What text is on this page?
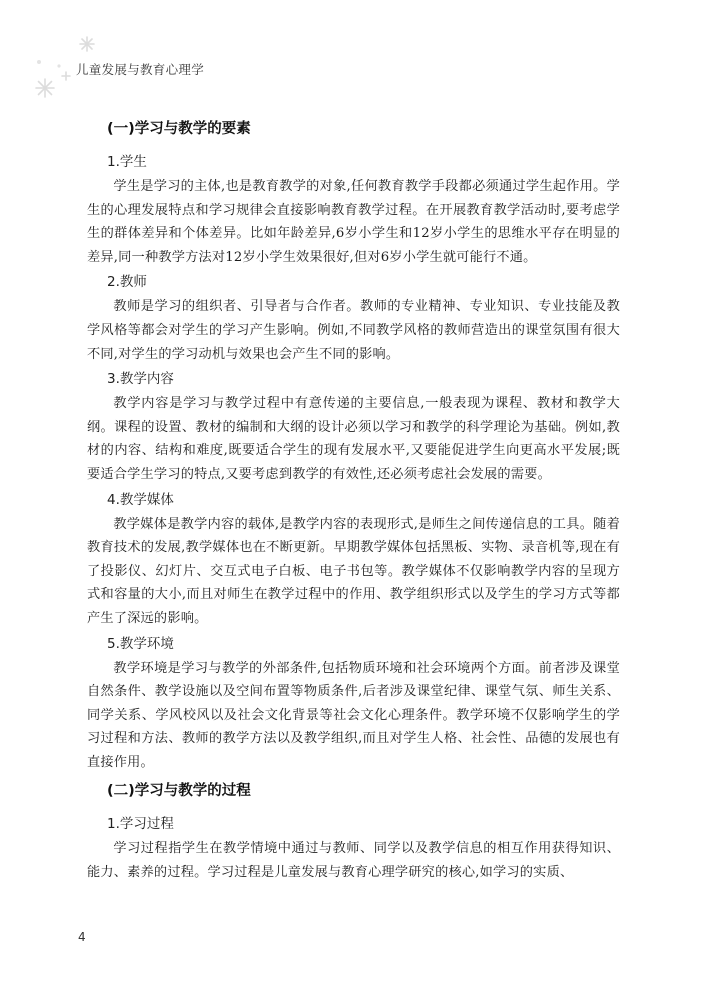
儿童发展与教育心理学
(一)学习与教学的要素
1.学生

学生是学习的主体,也是教育教学的对象,任何教育教学手段都必须通过学生起作用。学生的心理发展特点和学习规律会直接影响教育教学过程。在开展教育教学活动时,要考虑学生的群体差异和个体差异。比如年龄差异,6岁小学生和12岁小学生的思维水平存在明显的差异,同一种教学方法对12岁小学生效果很好,但对6岁小学生就可能行不通。

2.教师

教师是学习的组织者、引导者与合作者。教师的专业精神、专业知识、专业技能及教学风格等都会对学生的学习产生影响。例如,不同教学风格的教师营造出的课堂氛围有很大不同,对学生的学习动机与效果也会产生不同的影响。

3.教学内容

教学内容是学习与教学过程中有意传递的主要信息,一般表现为课程、教材和教学大纲。课程的设置、教材的编制和大纲的设计必须以学习和教学的科学理论为基础。例如,教材的内容、结构和难度,既要适合学生的现有发展水平,又要能促进学生向更高水平发展;既要适合学生学习的特点,又要考虑到教学的有效性,还必须考虑社会发展的需要。

4.教学媒体

教学媒体是教学内容的载体,是教学内容的表现形式,是师生之间传递信息的工具。随着教育技术的发展,教学媒体也在不断更新。早期教学媒体包括黑板、实物、录音机等,现在有了投影仪、幻灯片、交互式电子白板、电子书包等。教学媒体不仅影响教学内容的呈现方式和容量的大小,而且对师生在教学过程中的作用、教学组织形式以及学生的学习方式等都产生了深远的影响。

5.教学环境

教学环境是学习与教学的外部条件,包括物质环境和社会环境两个方面。前者涉及课堂自然条件、教学设施以及空间布置等物质条件,后者涉及课堂纪律、课堂气氛、师生关系、同学关系、学风校风以及社会文化背景等社会文化心理条件。教学环境不仅影响学生的学习过程和方法、教师的教学方法以及教学组织,而且对学生人格、社会性、品德的发展也有直接作用。

(二)学习与教学的过程
1.学习过程

学习过程指学生在教学情境中通过与教师、同学以及教学信息的相互作用获得知识、能力、素养的过程。学习过程是儿童发展与教育心理学研究的核心,如学习的实质、

4
